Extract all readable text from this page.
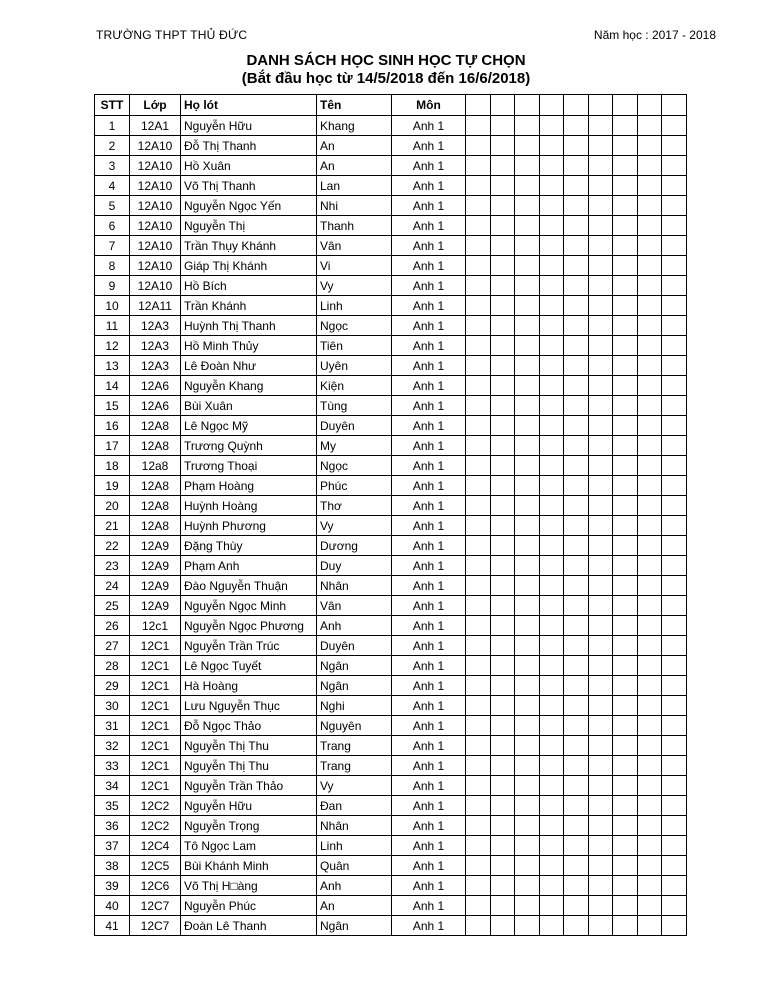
TRƯỜNG THPT THỦ ĐỨC	Năm học : 2017 - 2018
DANH SÁCH HỌC SINH HỌC TỰ CHỌN
(Bắt đầu học từ 14/5/2018 đến 16/6/2018)
STT	Lớp	Họ lót	Tên	Môn									
1	12A1	Nguyễn Hữu	Khang	Anh 1									
2	12A10	Đỗ Thị Thanh	An	Anh 1									
3	12A10	Hồ Xuân	An	Anh 1									
4	12A10	Võ Thị Thanh	Lan	Anh 1									
5	12A10	Nguyễn Ngọc Yến	Nhi	Anh 1									
6	12A10	Nguyễn Thị	Thanh	Anh 1									
7	12A10	Trần Thụy Khánh	Vân	Anh 1									
8	12A10	Giáp Thị Khánh	Vi	Anh 1									
9	12A10	Hồ Bích	Vy	Anh 1									
10	12A11	Trần Khánh	Linh	Anh 1									
11	12A3	Huỳnh Thị Thanh	Ngọc	Anh 1									
12	12A3	Hồ Minh Thủy	Tiên	Anh 1									
13	12A3	Lê Đoàn Như	Uyên	Anh 1									
14	12A6	Nguyễn Khang	Kiện	Anh 1									
15	12A6	Bùi Xuân	Tùng	Anh 1									
16	12A8	Lê Ngọc Mỹ	Duyên	Anh 1									
17	12A8	Trương Quỳnh	My	Anh 1									
18	12a8	Trương Thoại	Ngọc	Anh 1									
19	12A8	Phạm Hoàng	Phúc	Anh 1									
20	12A8	Huỳnh Hoàng	Thơ	Anh 1									
21	12A8	Huỳnh Phương	Vy	Anh 1									
22	12A9	Đặng Thùy	Dương	Anh 1									
23	12A9	Phạm Anh	Duy	Anh 1									
24	12A9	Đào Nguyễn Thuận	Nhân	Anh 1									
25	12A9	Nguyễn Ngọc Minh	Vân	Anh 1									
26	12c1	Nguyễn Ngọc Phương	Anh	Anh 1									
27	12C1	Nguyễn Trần Trúc	Duyên	Anh 1									
28	12C1	Lê Ngọc Tuyết	Ngân	Anh 1									
29	12C1	Hà Hoàng	Ngân	Anh 1									
30	12C1	Lưu Nguyễn Thục	Nghi	Anh 1									
31	12C1	Đỗ Ngọc Thảo	Nguyên	Anh 1									
32	12C1	Nguyễn Thị Thu	Trang	Anh 1									
33	12C1	Nguyễn Thị Thu	Trang	Anh 1									
34	12C1	Nguyễn Trần Thảo	Vy	Anh 1									
35	12C2	Nguyễn Hữu	Đan	Anh 1									
36	12C2	Nguyễn Trọng	Nhân	Anh 1									
37	12C4	Tô Ngọc Lam	Linh	Anh 1									
38	12C5	Bùi Khánh Minh	Quân	Anh 1									
39	12C6	Võ Thị H□àng	Anh	Anh 1									
40	12C7	Nguyễn Phúc	An	Anh 1									
41	12C7	Đoàn Lê Thanh	Ngân	Anh 1									
